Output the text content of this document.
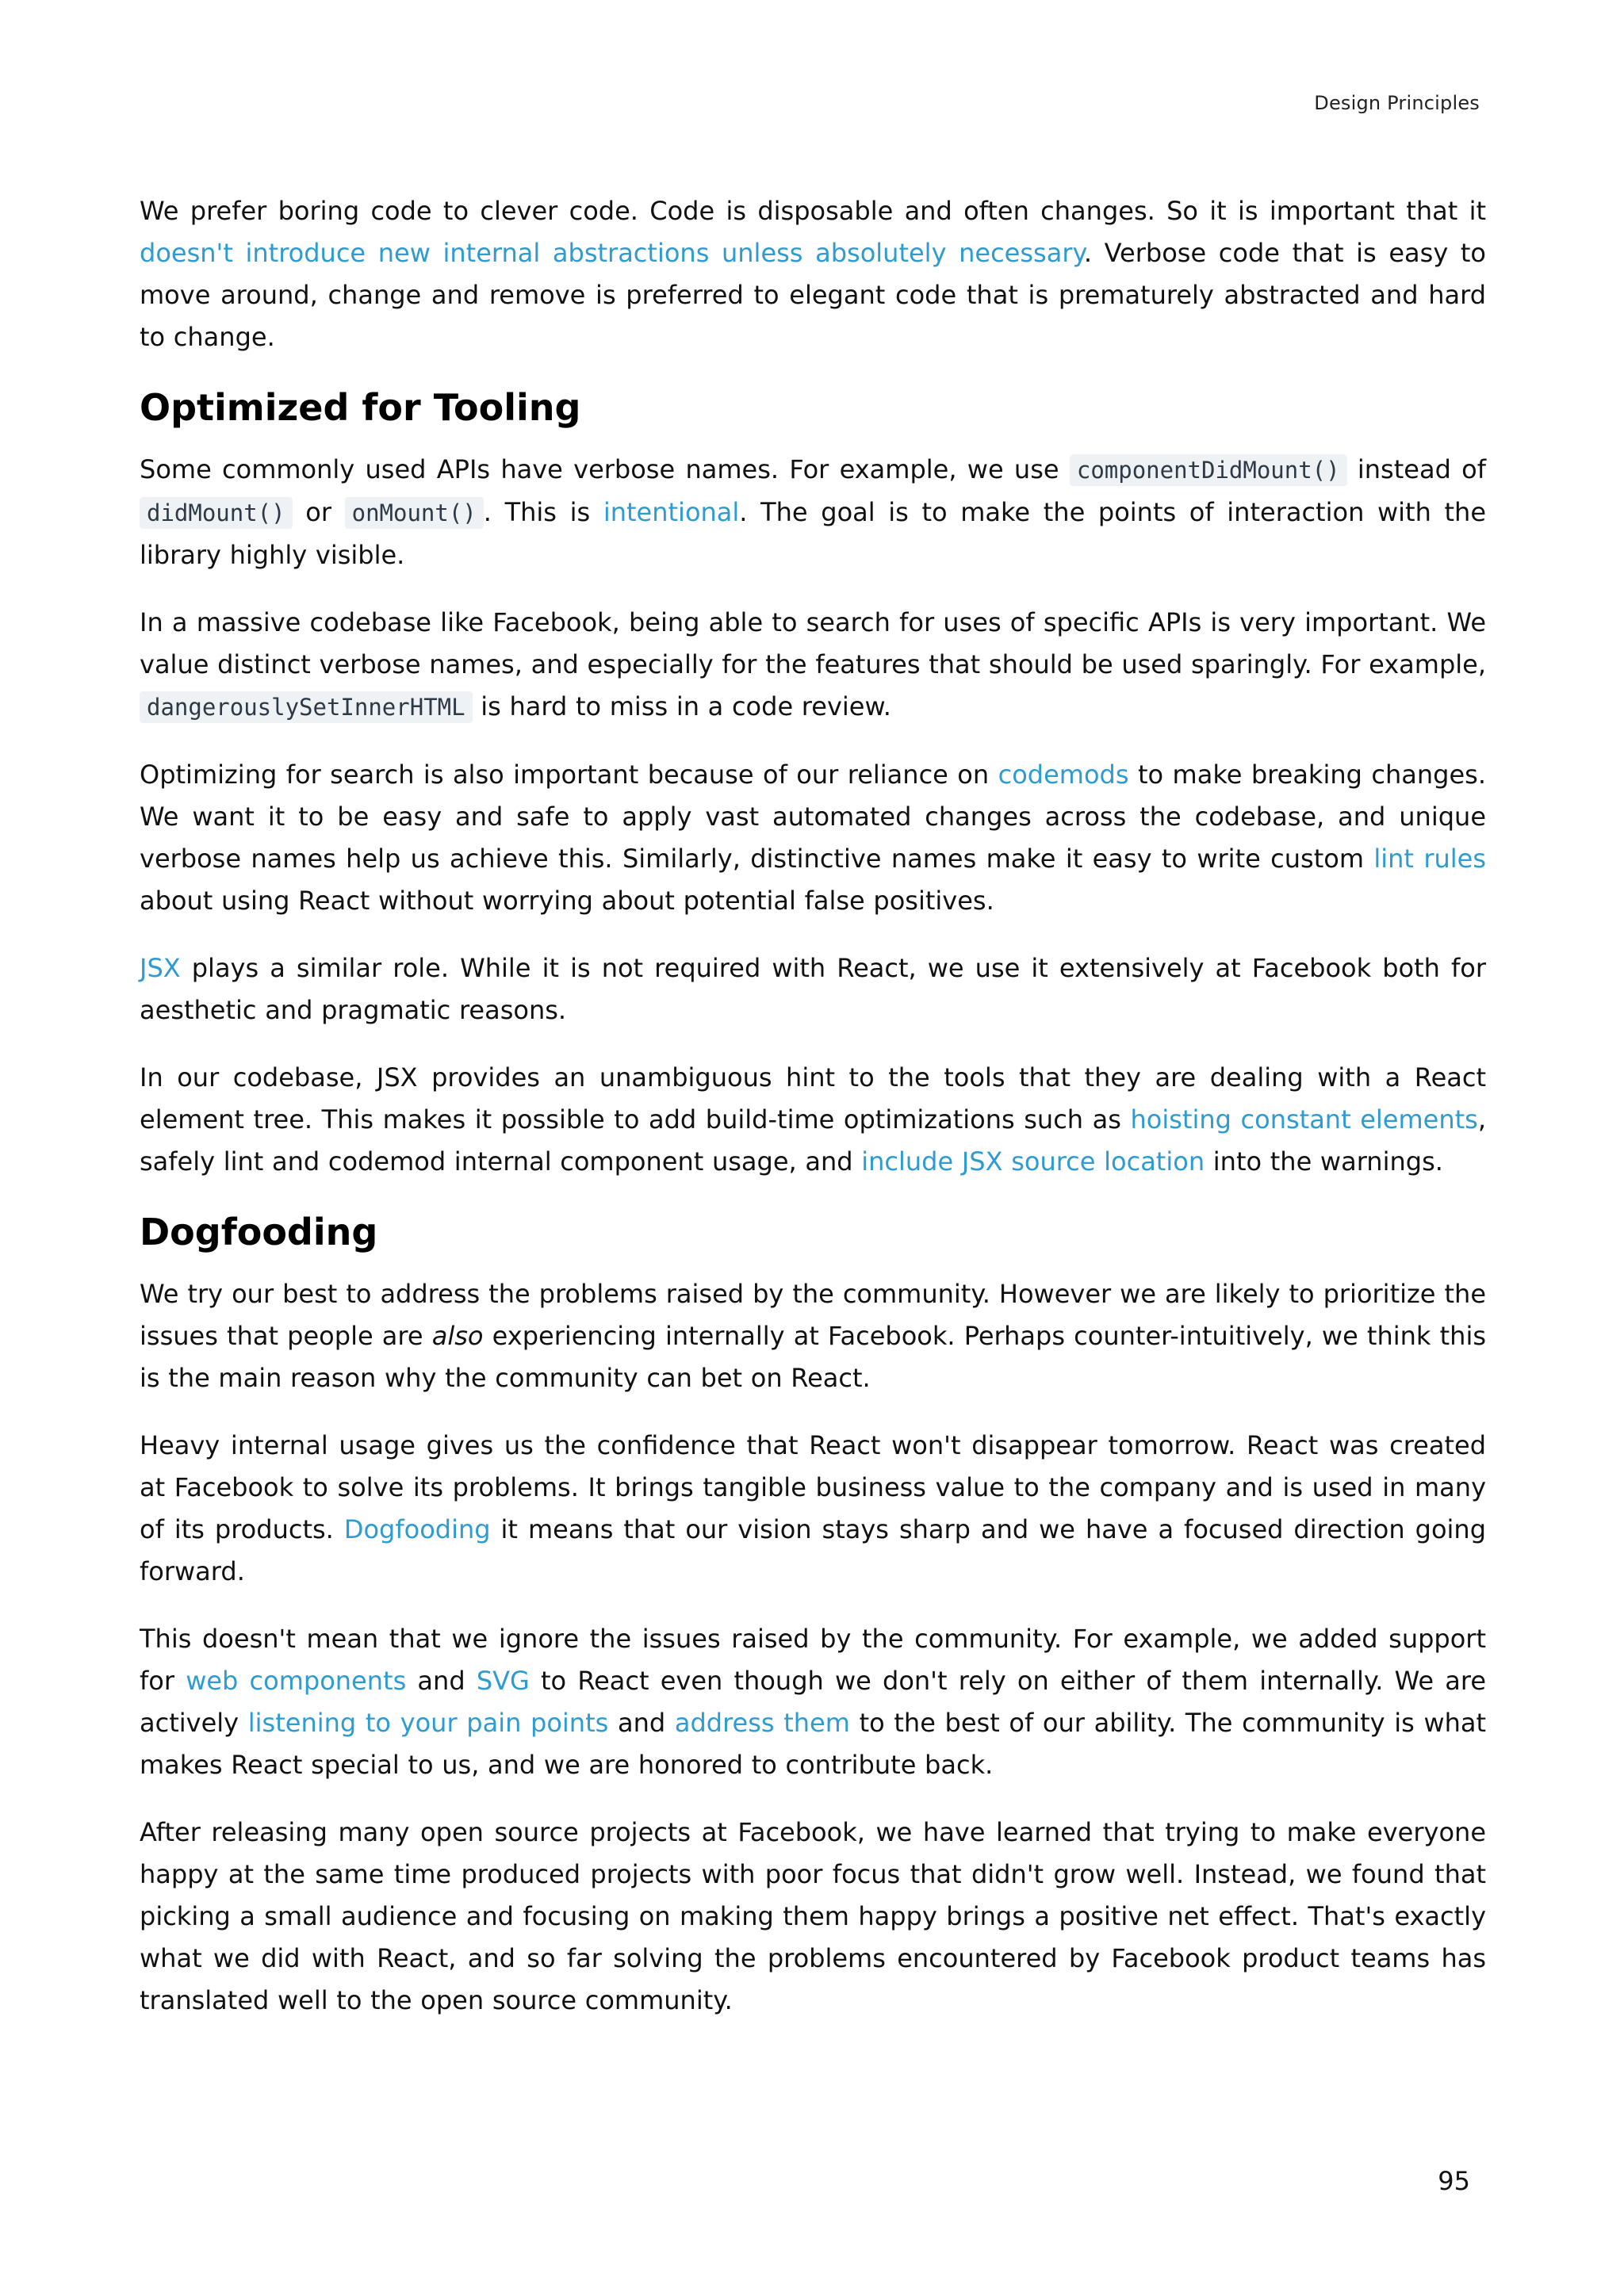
Design Principles

We prefer boring code to clever code. Code is disposable and often changes. So it is important that it doesn't introduce new internal abstractions unless absolutely necessary. Verbose code that is easy to move around, change and remove is preferred to elegant code that is prematurely abstracted and hard to change.

Optimized for Tooling

Some commonly used APIs have verbose names. For example, we use componentDidMount() instead of didMount() or onMount() . This is intentional. The goal is to make the points of interaction with the library highly visible.

In a massive codebase like Facebook, being able to search for uses of specific APIs is very important. We value distinct verbose names, and especially for the features that should be used sparingly. For example, dangerouslySetInnerHTML is hard to miss in a code review.

Optimizing for search is also important because of our reliance on codemods to make breaking changes. We want it to be easy and safe to apply vast automated changes across the codebase, and unique verbose names help us achieve this. Similarly, distinctive names make it easy to write custom lint rules about using React without worrying about potential false positives.

JSX plays a similar role. While it is not required with React, we use it extensively at Facebook both for aesthetic and pragmatic reasons.

In our codebase, JSX provides an unambiguous hint to the tools that they are dealing with a React element tree. This makes it possible to add build-time optimizations such as hoisting constant elements, safely lint and codemod internal component usage, and include JSX source location into the warnings.

Dogfooding

We try our best to address the problems raised by the community. However we are likely to prioritize the issues that people are also experiencing internally at Facebook. Perhaps counter-intuitively, we think this is the main reason why the community can bet on React.

Heavy internal usage gives us the confidence that React won't disappear tomorrow. React was created at Facebook to solve its problems. It brings tangible business value to the company and is used in many of its products. Dogfooding it means that our vision stays sharp and we have a focused direction going forward.

This doesn't mean that we ignore the issues raised by the community. For example, we added support for web components and SVG to React even though we don't rely on either of them internally. We are actively listening to your pain points and address them to the best of our ability. The community is what makes React special to us, and we are honored to contribute back.

After releasing many open source projects at Facebook, we have learned that trying to make everyone happy at the same time produced projects with poor focus that didn't grow well. Instead, we found that picking a small audience and focusing on making them happy brings a positive net effect. That's exactly what we did with React, and so far solving the problems encountered by Facebook product teams has translated well to the open source community.

95
